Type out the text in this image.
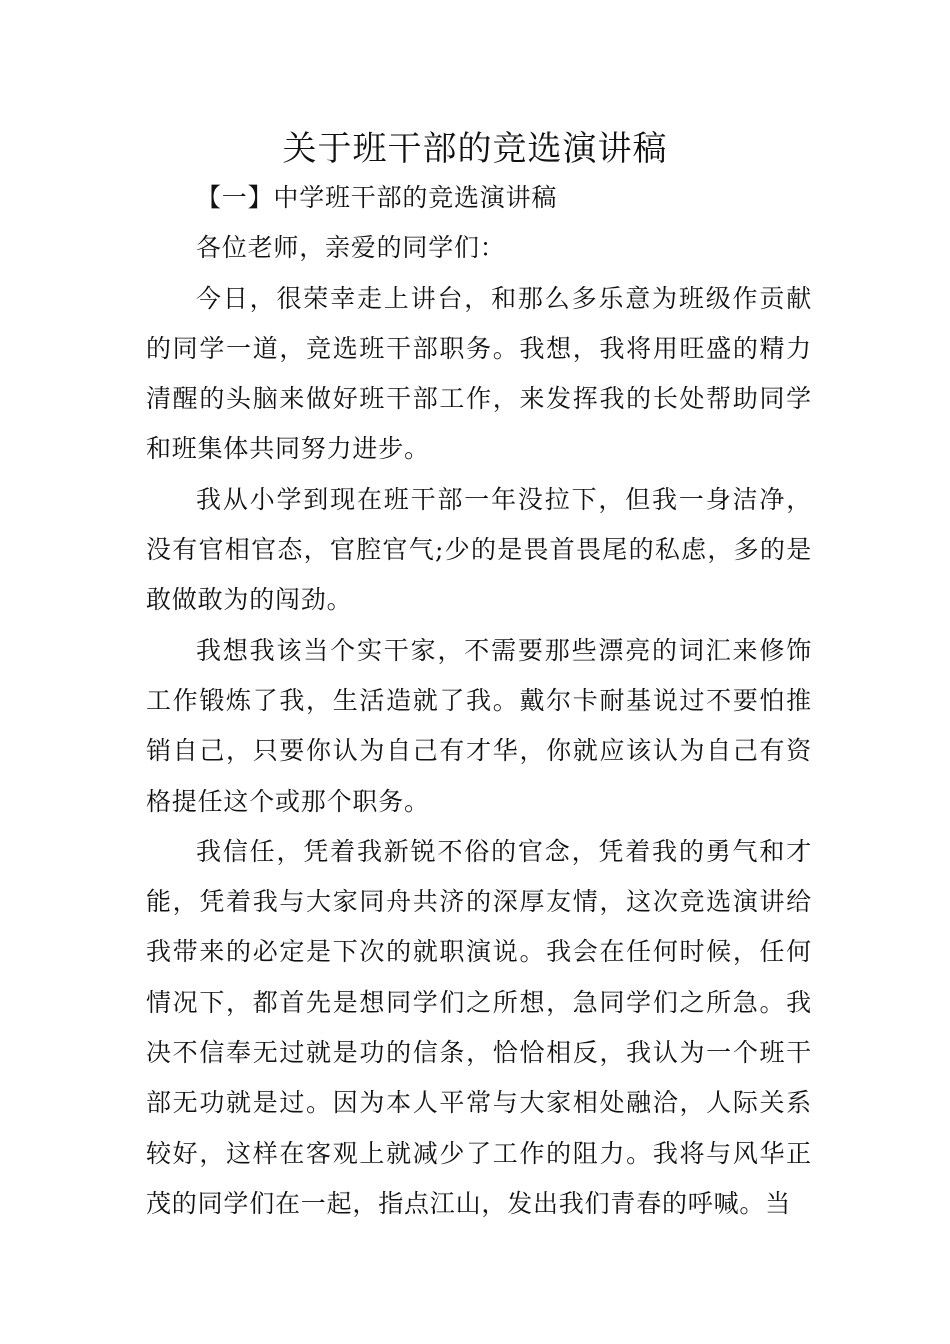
关于班干部的竞选演讲稿

【一】中学班干部的竞选演讲稿

各位老师，亲爱的同学们：

今日，很荣幸走上讲台，和那么多乐意为班级作贡献的同学一道，竞选班干部职务。我想，我将用旺盛的精力清醒的头脑来做好班干部工作，来发挥我的长处帮助同学和班集体共同努力进步。

我从小学到现在班干部一年没拉下，但我一身洁净，没有官相官态，官腔官气;少的是畏首畏尾的私虑，多的是敢做敢为的闯劲。

我想我该当个实干家，不需要那些漂亮的词汇来修饰工作锻炼了我，生活造就了我。戴尔卡耐基说过不要怕推销自己，只要你认为自己有才华，你就应该认为自己有资格提任这个或那个职务。

我信任，凭着我新锐不俗的官念，凭着我的勇气和才能，凭着我与大家同舟共济的深厚友情，这次竞选演讲给我带来的必定是下次的就职演说。我会在任何时候，任何情况下，都首先是想同学们之所想，急同学们之所急。我决不信奉无过就是功的信条，恰恰相反，我认为一个班干部无功就是过。因为本人平常与大家相处融洽，人际关系较好，这样在客观上就减少了工作的阻力。我将与风华正茂的同学们在一起，指点江山，发出我们青春的呼喊。当
